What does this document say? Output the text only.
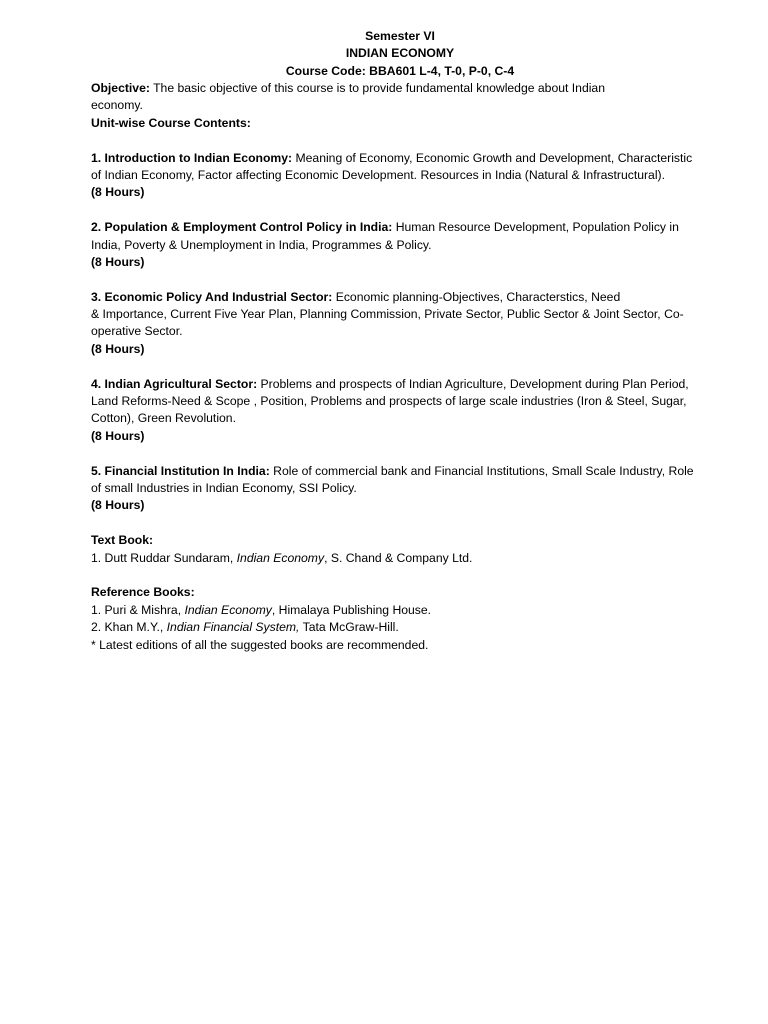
Semester VI
INDIAN ECONOMY
Course Code: BBA601 L-4, T-0, P-0, C-4
Objective: The basic objective of this course is to provide fundamental knowledge about Indian
economy.
Unit-wise Course Contents:
1. Introduction to Indian Economy: Meaning of Economy, Economic Growth and Development, Characteristic
of Indian Economy, Factor affecting Economic Development. Resources in India (Natural & Infrastructural).
(8 Hours)
2. Population & Employment Control Policy in India: Human Resource Development, Population Policy in
India, Poverty & Unemployment in India, Programmes & Policy.
(8 Hours)
3. Economic Policy And Industrial Sector: Economic planning-Objectives, Characterstics, Need
& Importance, Current Five Year Plan, Planning Commission, Private Sector, Public Sector & Joint Sector, Co-
operative Sector.
(8 Hours)
4. Indian Agricultural Sector: Problems and prospects of Indian Agriculture, Development during Plan Period,
Land Reforms-Need & Scope , Position, Problems and prospects of large scale industries (Iron & Steel, Sugar,
Cotton), Green Revolution.
(8 Hours)
5. Financial Institution In India: Role of commercial bank and Financial Institutions, Small Scale Industry, Role
of small Industries in Indian Economy, SSI Policy.
(8 Hours)
Text Book:
1. Dutt Ruddar Sundaram, Indian Economy, S. Chand & Company Ltd.
Reference Books:
1. Puri & Mishra, Indian Economy, Himalaya Publishing House.
2. Khan M.Y., Indian Financial System, Tata McGraw-Hill.
* Latest editions of all the suggested books are recommended.
